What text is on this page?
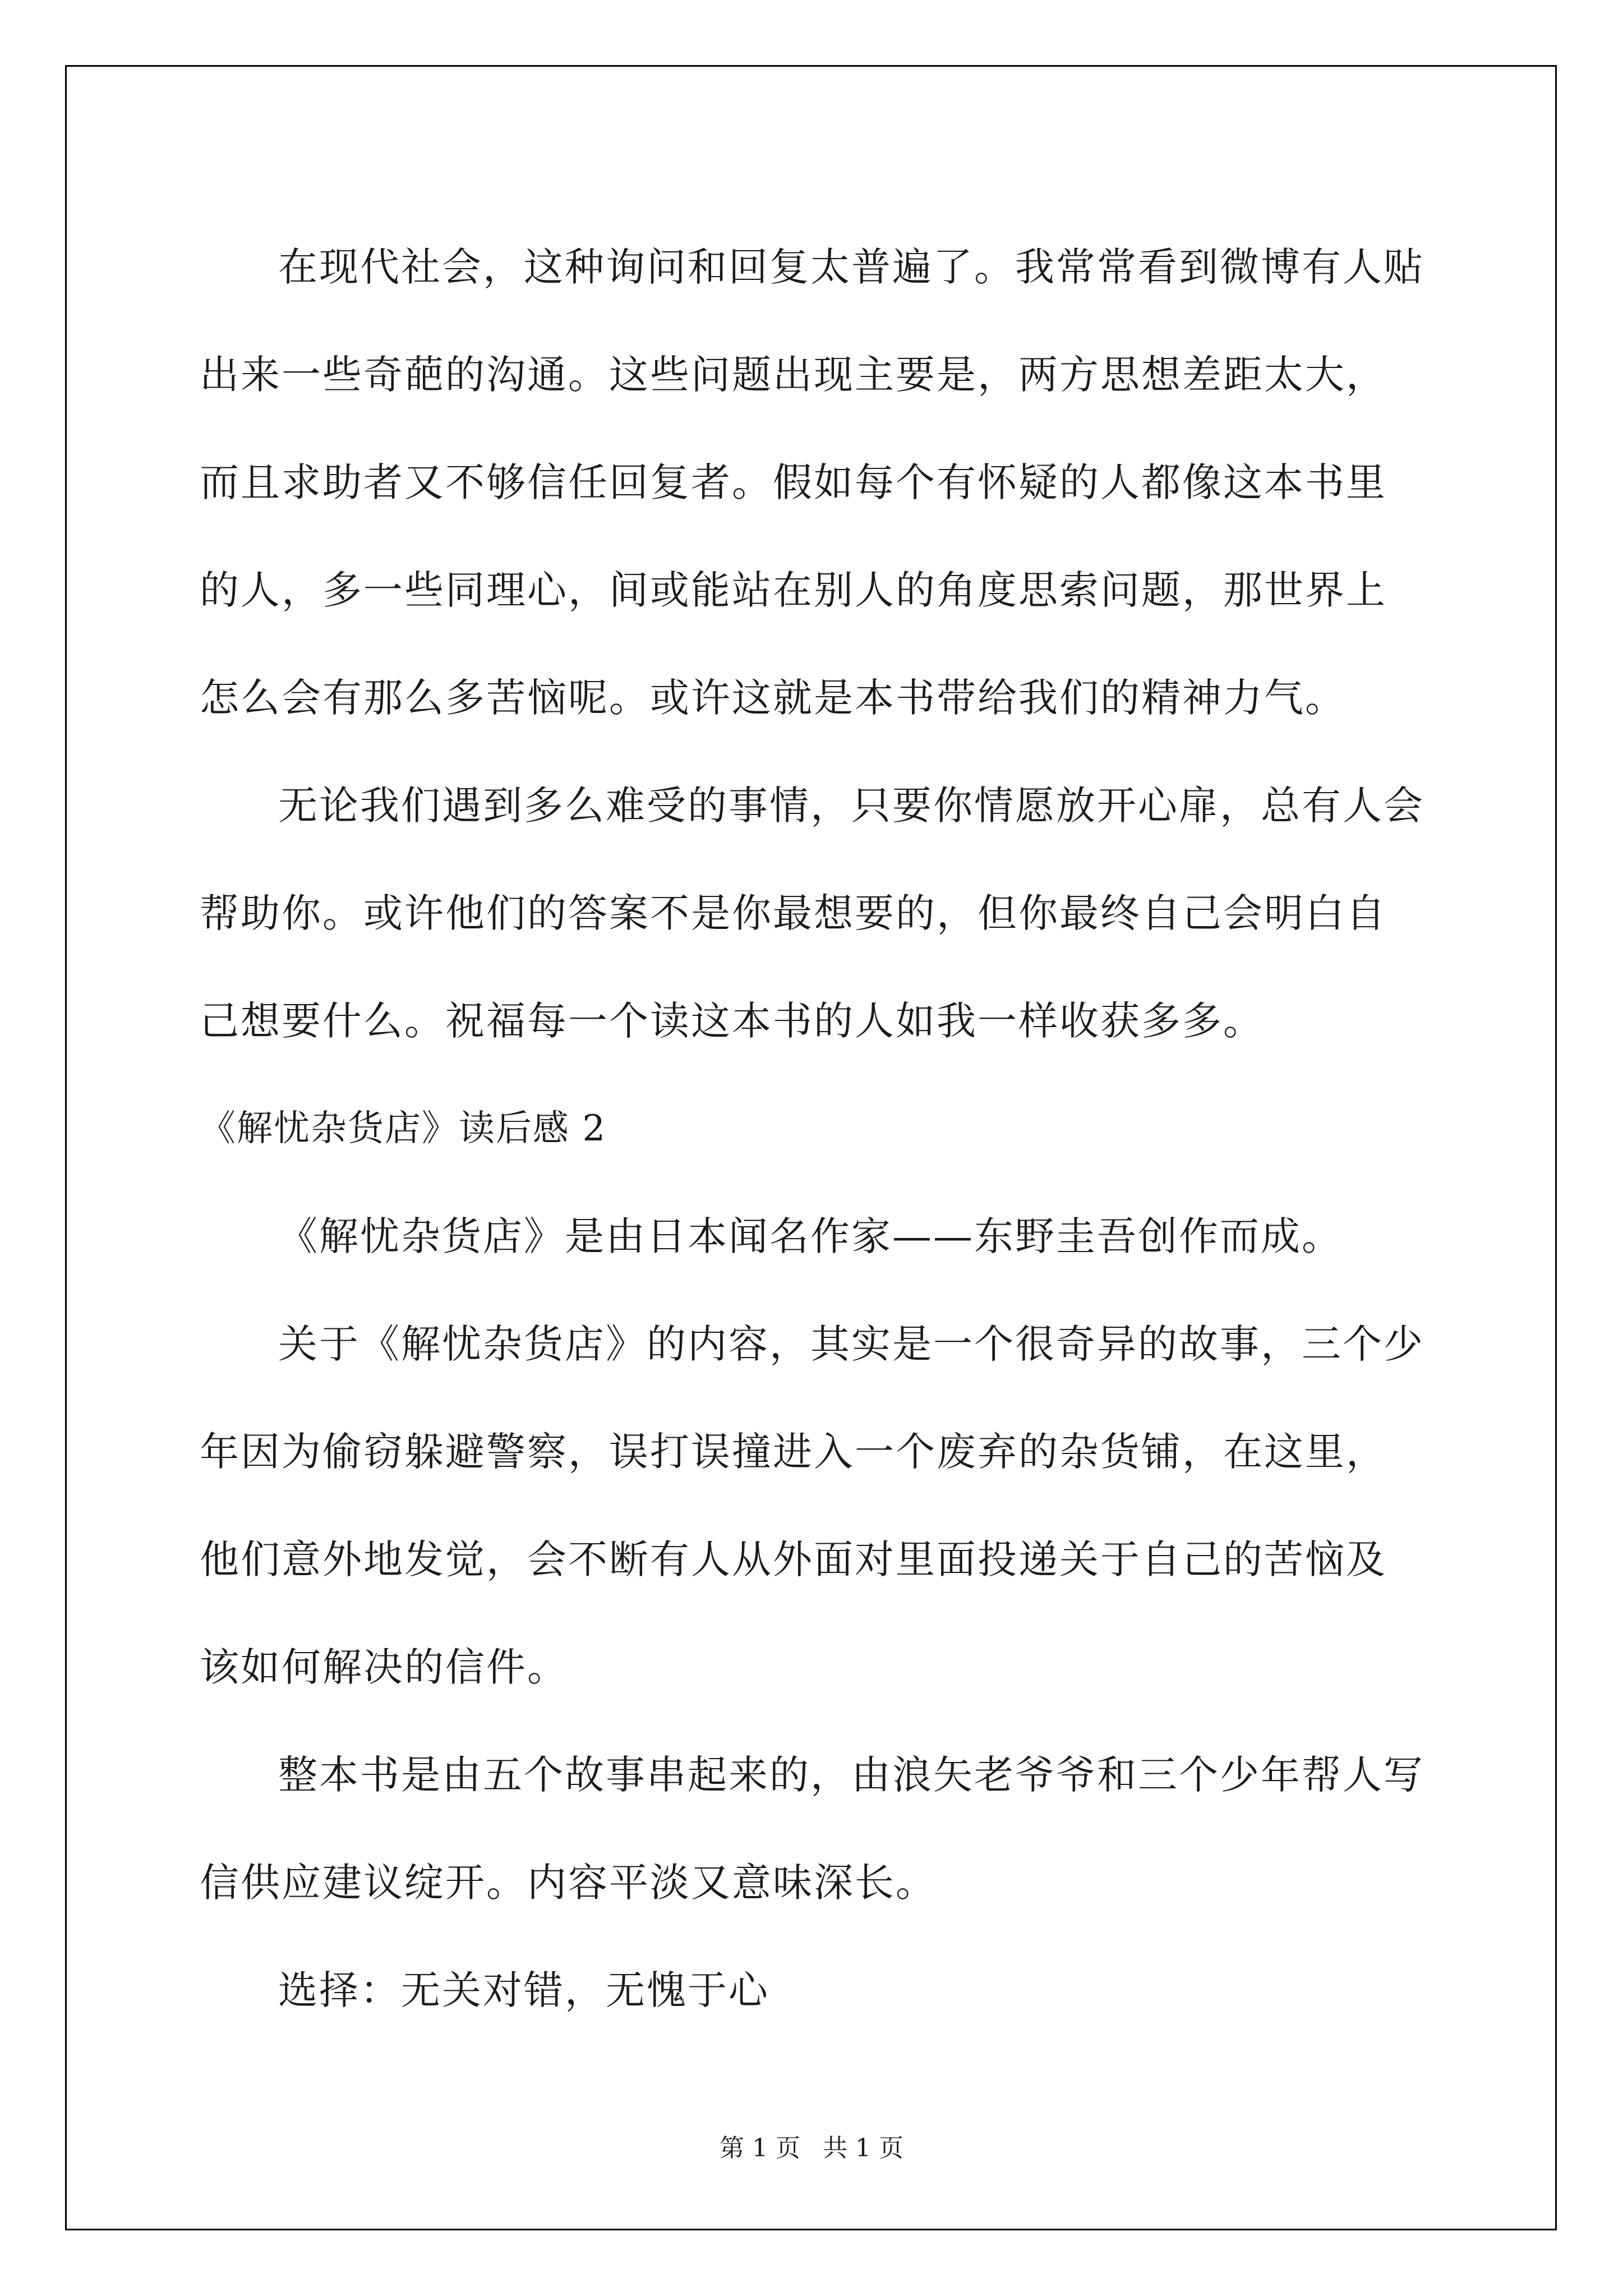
在现代社会，这种询问和回复太普遍了。我常常看到微博有人贴出来一些奇葩的沟通。这些问题出现主要是，两方思想差距太大，而且求助者又不够信任回复者。假如每个有怀疑的人都像这本书里的人，多一些同理心，间或能站在别人的角度思索问题，那世界上怎么会有那么多苦恼呢。或许这就是本书带给我们的精神力气。

无论我们遇到多么难受的事情，只要你情愿放开心扉，总有人会帮助你。或许他们的答案不是你最想要的，但你最终自己会明白自己想要什么。祝福每一个读这本书的人如我一样收获多多。

《解忧杂货店》读后感 2

《解忧杂货店》是由日本闻名作家——东野圭吾创作而成。

关于《解忧杂货店》的内容，其实是一个很奇异的故事，三个少年因为偷窃躲避警察，误打误撞进入一个废弃的杂货铺，在这里，他们意外地发觉，会不断有人从外面对里面投递关于自己的苦恼及该如何解决的信件。

整本书是由五个故事串起来的，由浪矢老爷爷和三个少年帮人写信供应建议绽开。内容平淡又意味深长。

选择：无关对错，无愧于心

第 1 页 共 1 页
